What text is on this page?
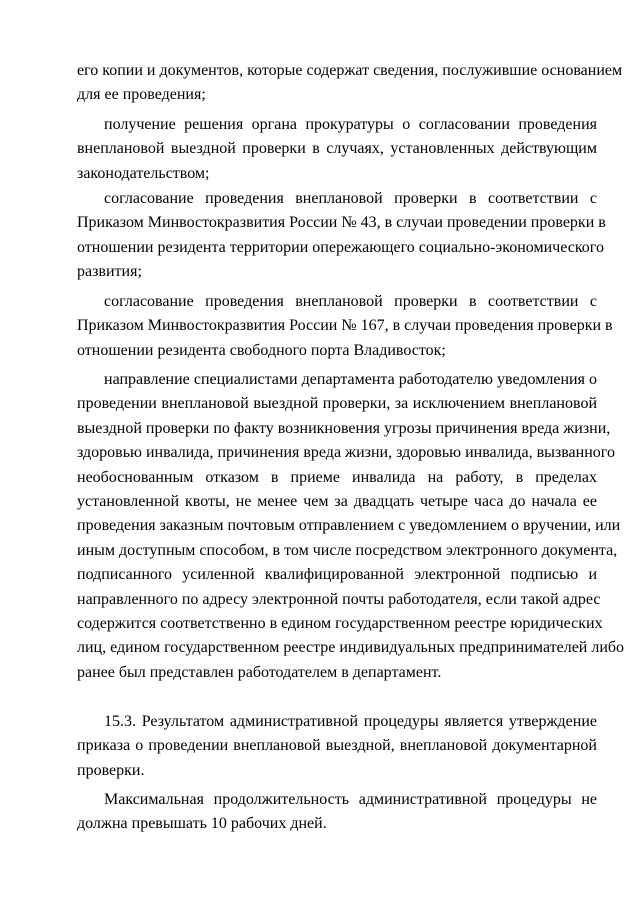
его копии и документов, которые содержат сведения, послужившие основанием
для ее проведения;
получение решения органа прокуратуры о согласовании проведения
внеплановой выездной проверки в случаях, установленных действующим
законодательством;
согласование проведения внеплановой проверки в соответствии с
Приказом Минвостокразвития России № 43, в случаи проведении проверки в
отношении резидента территории опережающего социально-экономического
развития;
согласование проведения внеплановой проверки в соответствии с
Приказом Минвостокразвития России № 167, в случаи проведения проверки в
отношении резидента свободного порта Владивосток;
направление специалистами департамента работодателю уведомления о
проведении внеплановой выездной проверки, за исключением внеплановой
выездной проверки по факту возникновения угрозы причинения вреда жизни,
здоровью инвалида, причинения вреда жизни, здоровью инвалида, вызванного
необоснованным отказом в приеме инвалида на работу, в пределах
установленной квоты, не менее чем за двадцать четыре часа до начала ее
проведения заказным почтовым отправлением с уведомлением о вручении, или
иным доступным способом, в том числе посредством электронного документа,
подписанного усиленной квалифицированной электронной подписью и
направленного по адресу электронной почты работодателя, если такой адрес
содержится соответственно в едином государственном реестре юридических
лиц, едином государственном реестре индивидуальных предпринимателей либо
ранее был представлен работодателем в департамент.
15.3. Результатом административной процедуры является утверждение
приказа о проведении внеплановой выездной, внеплановой документарной
проверки.
Максимальная продолжительность административной процедуры не
должна превышать 10 рабочих дней.
